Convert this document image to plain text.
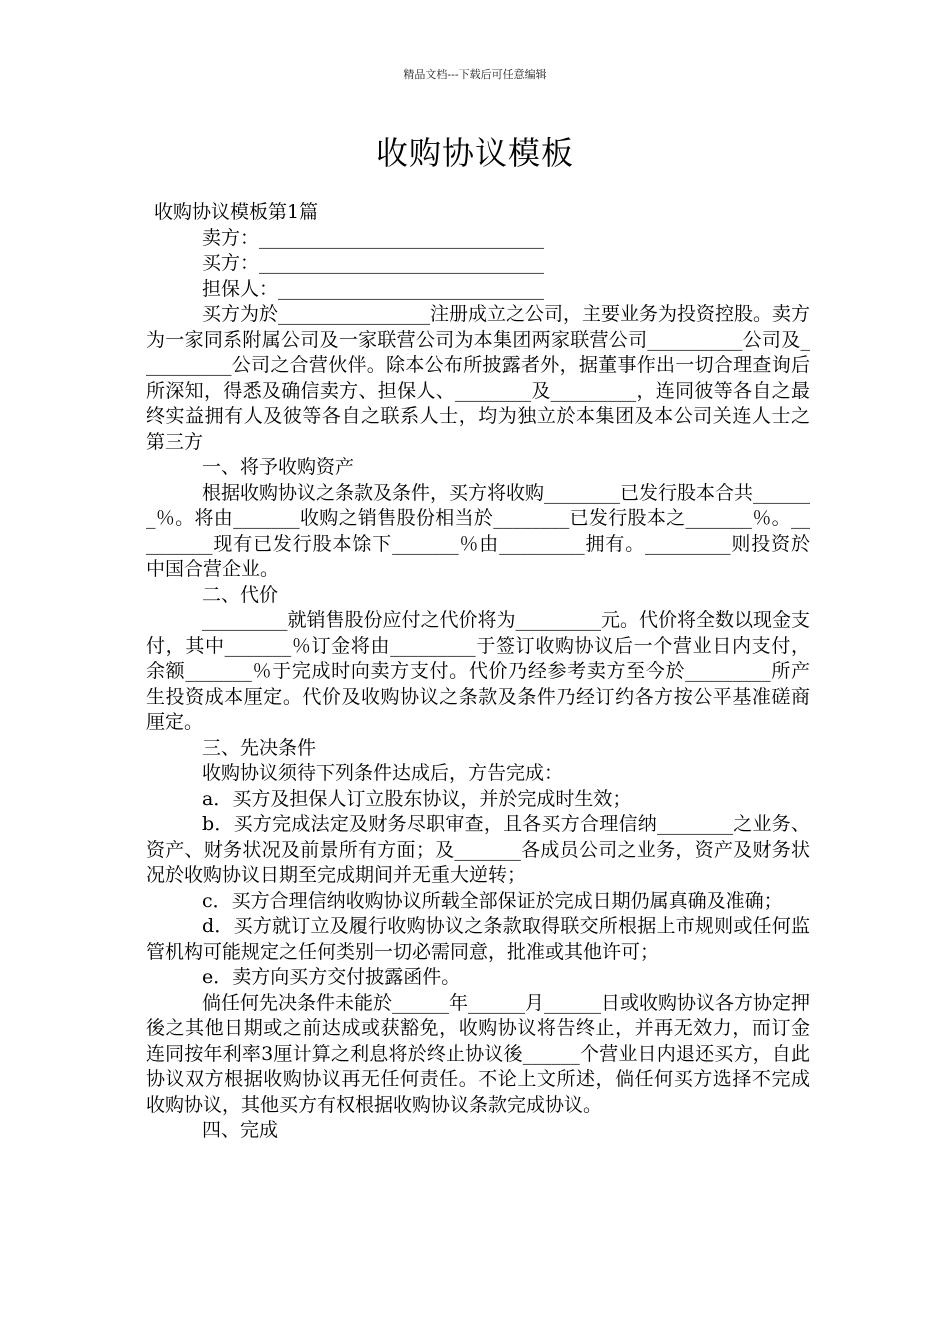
精品文档---下载后可任意编辑
收购协议模板

收购协议模板第1篇

卖方：______________________________

买方：______________________________

担保人：____________________________

买方为於________________注册成立之公司，主要业务为投资控股。卖方为一家同系附属公司及一家联营公司为本集团两家联营公司__________公司及__________公司之合营伙伴。除本公布所披露者外，据董事作出一切合理查询后所深知，得悉及确信卖方、担保人、________及_________，连同彼等各自之最终实益拥有人及彼等各自之联系人士，均为独立於本集团及本公司关连人士之第三方

一、将予收购资产

根据收购协议之条款及条件，买方将收购________已发行股本合共_______％。将由_______收购之销售股份相当於________已发行股本之_______％。_________现有已发行股本馀下_______％由_________拥有。_________则投资於中国合营企业。

二、代价

_________就销售股份应付之代价将为_________元。代价将全数以现金支付，其中_______％订金将由_________于签订收购协议后一个营业日内支付，余额_______％于完成时向卖方支付。代价乃经参考卖方至今於_________所产生投资成本厘定。代价及收购协议之条款及条件乃经订约各方按公平基准磋商厘定。

三、先决条件

收购协议须待下列条件达成后，方告完成：

a．买方及担保人订立股东协议，并於完成时生效；

b．买方完成法定及财务尽职审查，且各买方合理信纳________之业务、资产、财务状况及前景所有方面；及_______各成员公司之业务，资产及财务状况於收购协议日期至完成期间并无重大逆转；

c．买方合理信纳收购协议所载全部保证於完成日期仍属真确及准确；

d．买方就订立及履行收购协议之条款取得联交所根据上市规则或任何监管机构可能规定之任何类别一切必需同意，批准或其他许可；

e．卖方向买方交付披露函件。

倘任何先决条件未能於______年______月______日或收购协议各方协定押後之其他日期或之前达成或获豁免，收购协议将告终止，并再无效力，而订金连同按年利率3厘计算之利息将於终止协议後______个营业日内退还买方，自此协议双方根据收购协议再无任何责任。不论上文所述，倘任何买方选择不完成收购协议，其他买方有权根据收购协议条款完成协议。

四、完成
